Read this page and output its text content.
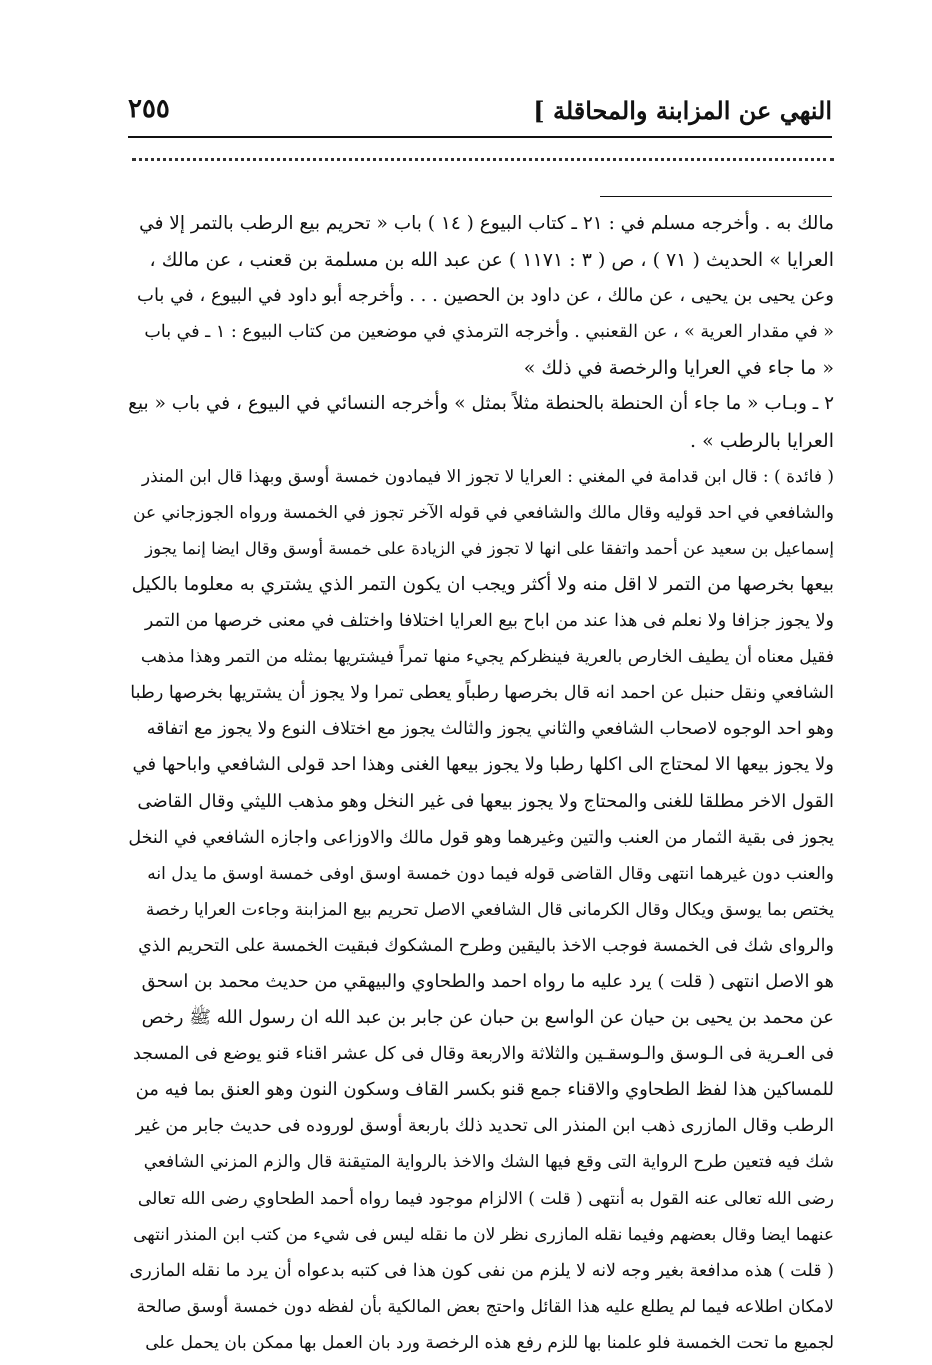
النهي عن المزابنة والمحاقلة ]
٢٥٥
مالك به . وأخرجه مسلم في : ٢١ ـ كتاب البيوع ( ١٤ ) باب « تحريم بيع الرطب بالتمر إلا في
العرايا » الحديث ( ٧١ ) ، ص ( ٣ : ١١٧١ ) عن عبد الله بن مسلمة بن قعنب ، عن مالك ،
وعن يحيى بن يحيى ، عن مالك ، عن داود بن الحصين . . . وأخرجه أبو داود في البيوع ، في باب
« في مقدار العرية » ، عن القعنبي . وأخرجه الترمذي في موضعين من كتاب البيوع : ١ ـ في باب
« ما جاء في العرايا والرخصة في ذلك »
٢ ـ وبـاب « ما جاء أن الحنطة بالحنطة مثلاً بمثل » وأخرجه النسائي في البيوع ، في باب « بيع
العرايا بالرطب » .
( فائدة ) : قال ابن قدامة في المغني : العرايا لا تجوز الا فيمادون خمسة أوسق وبهذا قال ابن المنذر
والشافعي في احد قوليه وقال مالك والشافعي في قوله الآخر تجوز في الخمسة ورواه الجوزجاني عن
إسماعيل بن سعيد عن أحمد واتفقا على انها لا تجوز في الزيادة على خمسة أوسق وقال ايضا إنما يجوز
بيعها بخرصها من التمر لا اقل منه ولا أكثر ويجب ان يكون التمر الذي يشتري به معلوما بالكيل
ولا يجوز جزافا ولا نعلم فى هذا عند من اباح بيع العرايا اختلافا واختلف في معنى خرصها من التمر
فقيل معناه أن يطيف الخارص بالعرية فينظركم يجيء منها تمراً فيشتريها بمثله من التمر وهذا مذهب
الشافعي ونقل حنبل عن احمد انه قال بخرصها رطباًو يعطى تمرا ولا يجوز أن يشتريها بخرصها رطبا
وهو احد الوجوه لاصحاب الشافعي والثاني يجوز والثالث يجوز مع اختلاف النوع ولا يجوز مع اتفاقه
ولا يجوز بيعها الا لمحتاج الى اكلها رطبا ولا يجوز بيعها الغنى وهذا احد قولى الشافعي واباحها في
القول الاخر مطلقا للغنى والمحتاج ولا يجوز بيعها فى غير النخل وهو مذهب الليثي وقال القاضى
يجوز فى بقية الثمار من العنب والتين وغيرهما وهو قول مالك والاوزاعى واجازه الشافعي في النخل
والعنب دون غيرهما انتهى وقال القاضى قوله فيما دون خمسة اوسق اوفى خمسة اوسق ما يدل انه
يختص بما يوسق ويكال وقال الكرمانى قال الشافعي الاصل تحريم بيع المزابنة وجاءت العرايا رخصة
والرواى شك فى الخمسة فوجب الاخذ باليقين وطرح المشكوك فبقيت الخمسة على التحريم الذي
هو الاصل انتهى ( قلت ) يرد عليه ما رواه احمد والطحاوي والبيهقي من حديث محمد بن اسحق
عن محمد بن يحيى بن حيان عن الواسع بن حبان عن جابر بن عبد الله ان رسول الله ﷺ رخص
فى العـرية فى الـوسق والـوسقـين والثلاثة والاربعة وقال فى كل عشر اقناء قنو يوضع فى المسجد
للمساكين هذا لفظ الطحاوي والاقناء جمع قنو بكسر القاف وسكون النون وهو العنق بما فيه من
الرطب وقال المازرى ذهب ابن المنذر الى تحديد ذلك باربعة أوسق لوروده فى حديث جابر من غير
شك فيه فتعين طرح الرواية التى وقع فيها الشك والاخذ بالرواية المتيقنة قال والزم المزني الشافعي
رضى الله تعالى عنه القول به أنتهى ( قلت ) الالزام موجود فيما رواه أحمد الطحاوي رضى الله تعالى
عنهما ايضا وقال بعضهم وفيما نقله المازرى نظر لان ما نقله ليس فى شيء من كتب ابن المنذر انتهى
( قلت ) هذه مدافعة بغير وجه لانه لا يلزم من نفى كون هذا فى كتبه بدعواه أن يرد ما نقله المازرى
لامكان اطلاعه فيما لم يطلع عليه هذا القائل واحتج بعض المالكية بأن لفظه دون خمسة أوسق صالحة
لجميع ما تحت الخمسة فلو علمنا بها للزم رفع هذه الرخصة ورد بان العمل بها ممكن بان يحمل على
